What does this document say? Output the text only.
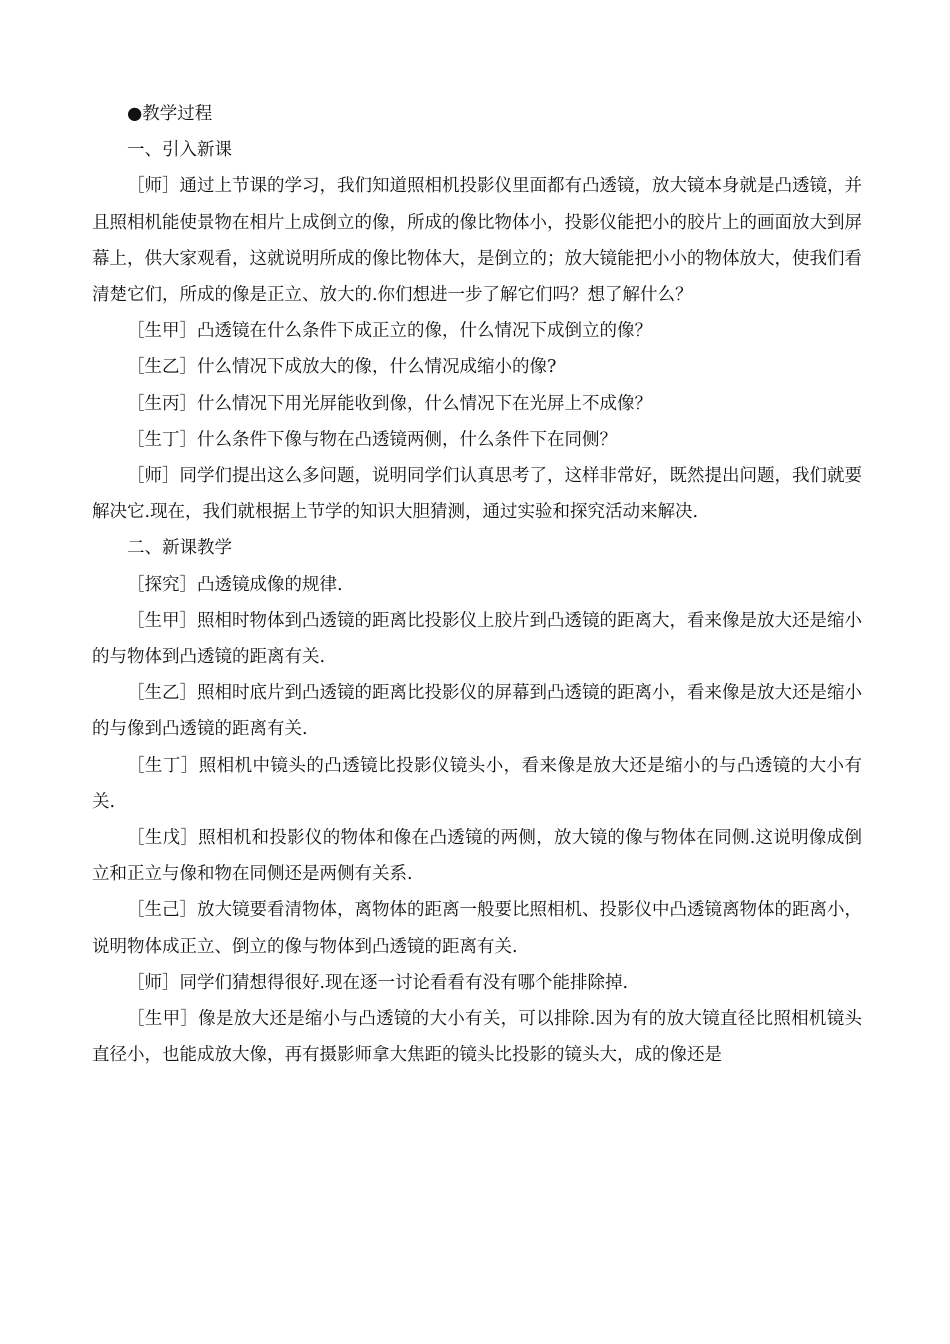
●教学过程

一、引入新课

［师］通过上节课的学习，我们知道照相机投影仪里面都有凸透镜，放大镜本身就是凸透镜，并且照相机能使景物在相片上成倒立的像，所成的像比物体小，投影仪能把小的胶片上的画面放大到屏幕上，供大家观看，这就说明所成的像比物体大，是倒立的；放大镜能把小小的物体放大，使我们看清楚它们，所成的像是正立、放大的.你们想进一步了解它们吗？想了解什么？

［生甲］凸透镜在什么条件下成正立的像，什么情况下成倒立的像？

［生乙］什么情况下成放大的像，什么情况成缩小的像?

［生丙］什么情况下用光屏能收到像，什么情况下在光屏上不成像？

［生丁］什么条件下像与物在凸透镜两侧，什么条件下在同侧？

［师］同学们提出这么多问题，说明同学们认真思考了，这样非常好，既然提出问题，我们就要解决它.现在，我们就根据上节学的知识大胆猜测，通过实验和探究活动来解决.

二、新课教学

［探究］凸透镜成像的规律.

［生甲］照相时物体到凸透镜的距离比投影仪上胶片到凸透镜的距离大，看来像是放大还是缩小的与物体到凸透镜的距离有关.

［生乙］照相时底片到凸透镜的距离比投影仪的屏幕到凸透镜的距离小，看来像是放大还是缩小的与像到凸透镜的距离有关.

［生丁］照相机中镜头的凸透镜比投影仪镜头小，看来像是放大还是缩小的与凸透镜的大小有关.

［生戊］照相机和投影仪的物体和像在凸透镜的两侧，放大镜的像与物体在同侧.这说明像成倒立和正立与像和物在同侧还是两侧有关系.

［生己］放大镜要看清物体，离物体的距离一般要比照相机、投影仪中凸透镜离物体的距离小，说明物体成正立、倒立的像与物体到凸透镜的距离有关.

［师］同学们猜想得很好.现在逐一讨论看看有没有哪个能排除掉.

［生甲］像是放大还是缩小与凸透镜的大小有关，可以排除.因为有的放大镜直径比照相机镜头直径小，也能成放大像，再有摄影师拿大焦距的镜头比投影的镜头大，成的像还是
